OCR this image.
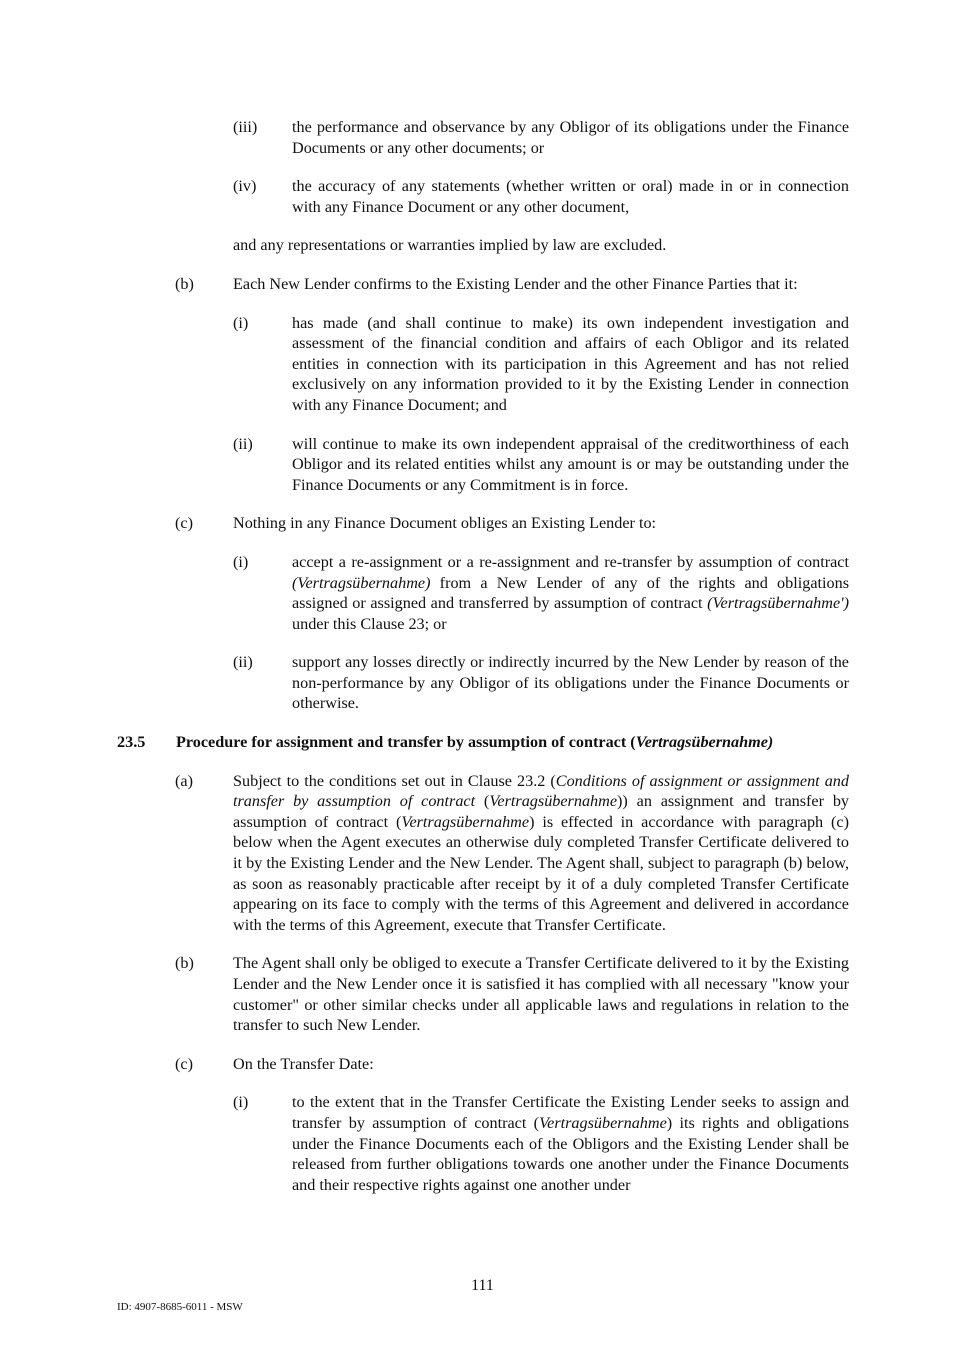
(iii) the performance and observance by any Obligor of its obligations under the Finance Documents or any other documents; or
(iv) the accuracy of any statements (whether written or oral) made in or in connection with any Finance Document or any other document,
and any representations or warranties implied by law are excluded.
(b) Each New Lender confirms to the Existing Lender and the other Finance Parties that it:
(i)	has made (and shall continue to make) its own independent investigation and assessment of the financial condition and affairs of each Obligor and its related entities in connection with its participation in this Agreement and has not relied exclusively on any information provided to it by the Existing Lender in connection with any Finance Document; and
(ii) will continue to make its own independent appraisal of the creditworthiness of each Obligor and its related entities whilst any amount is or may be outstanding under the Finance Documents or any Commitment is in force.
(c) Nothing in any Finance Document obliges an Existing Lender to:
(i)	accept a re-assignment or a re-assignment and re-transfer by assumption of contract (Vertragsübernahme) from a New Lender of any of the rights and obligations assigned or assigned and transferred by assumption of contract (Vertragsübernahme') under this Clause 23; or
(ii) support any losses directly or indirectly incurred by the New Lender by reason of the non-performance by any Obligor of its obligations under the Finance Documents or otherwise.
23.5 Procedure for assignment and transfer by assumption of contract (Vertragsübernahme)
(a) Subject to the conditions set out in Clause 23.2 (Conditions of assignment or assignment and transfer by assumption of contract (Vertragsübernahme)) an assignment and transfer by assumption of contract (Vertragsübernahme) is effected in accordance with paragraph (c) below when the Agent executes an otherwise duly completed Transfer Certificate delivered to it by the Existing Lender and the New Lender. The Agent shall, subject to paragraph (b) below, as soon as reasonably practicable after receipt by it of a duly completed Transfer Certificate appearing on its face to comply with the terms of this Agreement and delivered in accordance with the terms of this Agreement, execute that Transfer Certificate.
(b) The Agent shall only be obliged to execute a Transfer Certificate delivered to it by the Existing Lender and the New Lender once it is satisfied it has complied with all necessary "know your customer" or other similar checks under all applicable laws and regulations in relation to the transfer to such New Lender.
(c) On the Transfer Date:
(i)	to the extent that in the Transfer Certificate the Existing Lender seeks to assign and transfer by assumption of contract (Vertragsübernahme) its rights and obligations under the Finance Documents each of the Obligors and the Existing Lender shall be released from further obligations towards one another under the Finance Documents and their respective rights against one another under
111
ID: 4907-8685-6011 - MSW
